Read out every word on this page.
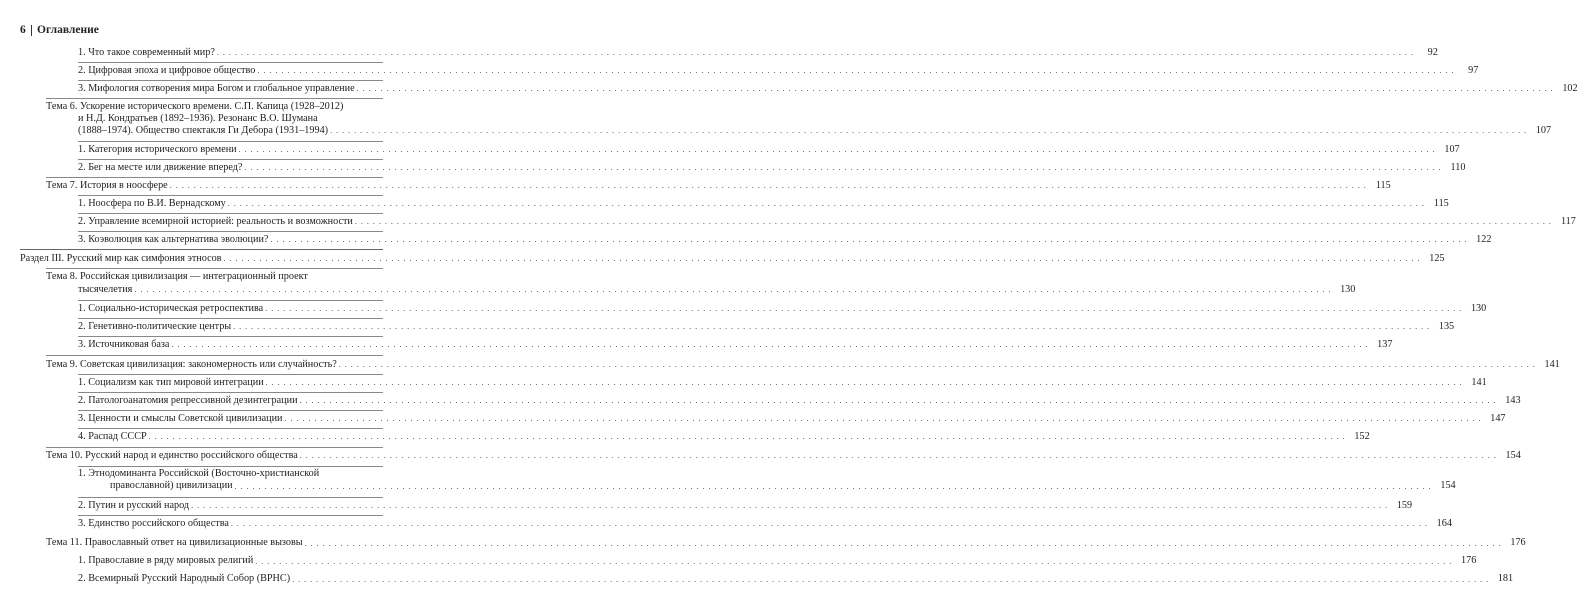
6 Оглавление
1. Что такое современный мир? . . . . . . . . . . . . . . . . . . . . . . . . . . . . . . . . . . . . . . . . . . . . . . . . . . . . . . . . . . . . . . . . . . . . . . . . . . . . . . . . . . . . . . . . . . . . . . . . . . . . . . . . . . . . . . . . . . . . . . . . . . . . . . . . . . . . . . . . . . . . . . . . . . . . . . . . . . . . . . . . . . . . . . . . . . . . . . . . . . . . . . . . . . . . . . . . . . . . . . . .	92
2. Цифровая эпоха и цифровое общество . . . . . . . . . . . . . . . . . . . . . . . . . . . . . . . . . . . . . . . . . . . . . . . . . . . . . . . . . . . . . . . . . . . . . . . . . . . . . . . . . . . . . . . . . . . . . . . . . . . . . . . . . . . . . . . . . . . . . . . . . . . . . . . . . . . . . . . . . . . . . . . . . . . . . . . . . . . . . . . . . . . . . . . . . . . . . . . . . . . . . . . . . . . . . . . . . . . . . . . .	97
3. Мифология сотворения мира Богом и глобальное управление . . . . . . . . . . . . . . . . . . . . . . . . . . . . . . . . . . . . . . . . . . . . . . . . . . . . . . . . . . . . . . . . . . . . . . . . . . . . . . . . . . . . . . . . . . . . . . . . . . . . . . . . . . . . . . . . . . . . . . . . . . . . . . . . . . . . . . . . . . . . . . . . . . . . . . . . . . . . . . . . . . . . . . . . . . . . . . . . . . . . . . . . . . . . . . . . . . . . . . . . 102
Тема 6. Ускорение исторического времени. С.П. Капица (1928–2012)
и Н.Д. Кондратьев (1892–1936). Резонанс В.О. Шумана
(1888–1974). Общество спектакля Ги Дебора (1931–1994) . . . . . . . . . . . . . . . . . . . . . . . . . . . . . . . . . . . . . . . . . . . . . . . . . . . . . . . . . . . . . . . . . . . . . . . . . . . . . . . . . . . . . . . . . . . . . . . . . . . . . . . . . . . . . . . . . . . . . . . . . . . . . . . . . . . . . . . . . . . . . . . . . . . . . . . . . . . . . . . . . . . . . . . . . . . . . . . . . . . . . . . . . . . . . . . . . . . . . . . . 107
1. Категория исторического времени . . . . . . . . . . . . . . . . . . . . . . . . . . . . . . . . . . . . . . . . . . . . . . . . . . . . . . . . . . . . . . . . . . . . . . . . . . . . . . . . . . . . . . . . . . . . . . . . . . . . . . . . . . . . . . . . . . . . . . . . . . . . . . . . . . . . . . . . . . . . . . . . . . . . . . . . . . . . . . . . . . . . . . . . . . . . . . . . . . . . . . . . . . . . . . . . . . . . . . . . 107
2. Бег на месте или движение вперед? . . . . . . . . . . . . . . . . . . . . . . . . . . . . . . . . . . . . . . . . . . . . . . . . . . . . . . . . . . . . . . . . . . . . . . . . . . . . . . . . . . . . . . . . . . . . . . . . . . . . . . . . . . . . . . . . . . . . . . . . . . . . . . . . . . . . . . . . . . . . . . . . . . . . . . . . . . . . . . . . . . . . . . . . . . . . . . . . . . . . . . . . . . . . . . . . . . . . . . . . 110
Тема 7. История в ноосфере . . . . . . . . . . . . . . . . . . . . . . . . . . . . . . . . . . . . . . . . . . . . . . . . . . . . . . . . . . . . . . . . . . . . . . . . . . . . . . . . . . . . . . . . . . . . . . . . . . . . . . . . . . . . . . . . . . . . . . . . . . . . . . . . . . . . . . . . . . . . . . . . . . . . . . . . . . . . . . . . . . . . . . . . . . . . . . . . . . . . . . . . . . . . . . . . . . . . . . . . 115
1. Ноосфера по В.И. Вернадскому . . . . . . . . . . . . . . . . . . . . . . . . . . . . . . . . . . . . . . . . . . . . . . . . . . . . . . . . . . . . . . . . . . . . . . . . . . . . . . . . . . . . . . . . . . . . . . . . . . . . . . . . . . . . . . . . . . . . . . . . . . . . . . . . . . . . . . . . . . . . . . . . . . . . . . . . . . . . . . . . . . . . . . . . . . . . . . . . . . . . . . . . . . . . . . . . . . . . . . . . 115
2. Управление всемирной историей: реальность и возможности . . . . . . . . . . . . . . . . . . . . . . . . . . . . . . . . . . . . . . . . . . . . . . . . . . . . . . . . . . . . . . . . . . . . . . . . . . . . . . . . . . . . . . . . . . . . . . . . . . . . . . . . . . . . . . . . . . . . . . . . . . . . . . . . . . . . . . . . . . . . . . . . . . . . . . . . . . . . . . . . . . . . . . . . . . . . . . . . . . . . . . . . . . . . . . . . . . . . . . . . 117
3. Коэволюция как альтернатива эволюции? . . . . . . . . . . . . . . . . . . . . . . . . . . . . . . . . . . . . . . . . . . . . . . . . . . . . . . . . . . . . . . . . . . . . . . . . . . . . . . . . . . . . . . . . . . . . . . . . . . . . . . . . . . . . . . . . . . . . . . . . . . . . . . . . . . . . . . . . . . . . . . . . . . . . . . . . . . . . . . . . . . . . . . . . . . . . . . . . . . . . . . . . . . . . . . . . . . . . . . . . 122
Раздел III. Русский мир как симфония этносов . . . . . . . . . . . . . . . . . . . . . . . . . . . . . . . . . . . . . . . . . . . . . . . . . . . . . . . . . . . . . . . . . . . . . . . . . . . . . . . . . . . . . . . . . . . . . . . . . . . . . . . . . . . . . . . . . . . . . . . . . . . . . . . . . . . . . . . . . . . . . . . . . . . . . . . . . . . . . . . . . . . . . . . . . . . . . . . . . . . . . . . . . . . . . . . . . . . . . . . . 125
Тема 8. Российская цивилизация — интеграционный проект
тысячелетия . . . . . . . . . . . . . . . . . . . . . . . . . . . . . . . . . . . . . . . . . . . . . . . . . . . . . . . . . . . . . . . . . . . . . . . . . . . . . . . . . . . . . . . . . . . . . . . . . . . . . . . . . . . . . . . . . . . . . . . . . . . . . . . . . . . . . . . . . . . . . . . . . . . . . . . . . . . . . . . . . . . . . . . . . . . . . . . . . . . . . . . . . . . . . . . . . . . . . . . . 130
1. Социально-историческая ретроспектива . . . . . . . . . . . . . . . . . . . . . . . . . . . . . . . . . . . . . . . . . . . . . . . . . . . . . . . . . . . . . . . . . . . . . . . . . . . . . . . . . . . . . . . . . . . . . . . . . . . . . . . . . . . . . . . . . . . . . . . . . . . . . . . . . . . . . . . . . . . . . . . . . . . . . . . . . . . . . . . . . . . . . . . . . . . . . . . . . . . . . . . . . . . . . . . . . . . . . . . . 130
2. Генетивно-политические центры . . . . . . . . . . . . . . . . . . . . . . . . . . . . . . . . . . . . . . . . . . . . . . . . . . . . . . . . . . . . . . . . . . . . . . . . . . . . . . . . . . . . . . . . . . . . . . . . . . . . . . . . . . . . . . . . . . . . . . . . . . . . . . . . . . . . . . . . . . . . . . . . . . . . . . . . . . . . . . . . . . . . . . . . . . . . . . . . . . . . . . . . . . . . . . . . . . . . . . . . 135
3. Источниковая база . . . . . . . . . . . . . . . . . . . . . . . . . . . . . . . . . . . . . . . . . . . . . . . . . . . . . . . . . . . . . . . . . . . . . . . . . . . . . . . . . . . . . . . . . . . . . . . . . . . . . . . . . . . . . . . . . . . . . . . . . . . . . . . . . . . . . . . . . . . . . . . . . . . . . . . . . . . . . . . . . . . . . . . . . . . . . . . . . . . . . . . . . . . . . . . . . . . . . . . . 137
Тема 9. Советская цивилизация: закономерность или случайность? . . . . . . . . . . . . . . . . . . . . . . . . . . . . . . . . . . . . . . . . . . . . . . . . . . . . . . . . . . . . . . . . . . . . . . . . . . . . . . . . . . . . . . . . . . . . . . . . . . . . . . . . . . . . . . . . . . . . . . . . . . . . . . . . . . . . . . . . . . . . . . . . . . . . . . . . . . . . . . . . . . . . . . . . . . . . . . . . . . . . . . . . . . . . . . . . . . . . . . . . 141
1. Социализм как тип мировой интеграции . . . . . . . . . . . . . . . . . . . . . . . . . . . . . . . . . . . . . . . . . . . . . . . . . . . . . . . . . . . . . . . . . . . . . . . . . . . . . . . . . . . . . . . . . . . . . . . . . . . . . . . . . . . . . . . . . . . . . . . . . . . . . . . . . . . . . . . . . . . . . . . . . . . . . . . . . . . . . . . . . . . . . . . . . . . . . . . . . . . . . . . . . . . . . . . . . . . . . . . . 141
2. Патологоанатомия репрессивной дезинтеграции . . . . . . . . . . . . . . . . . . . . . . . . . . . . . . . . . . . . . . . . . . . . . . . . . . . . . . . . . . . . . . . . . . . . . . . . . . . . . . . . . . . . . . . . . . . . . . . . . . . . . . . . . . . . . . . . . . . . . . . . . . . . . . . . . . . . . . . . . . . . . . . . . . . . . . . . . . . . . . . . . . . . . . . . . . . . . . . . . . . . . . . . . . . . . . . . . . . . . . . . 143
3. Ценности и смыслы Советской цивилизации . . . . . . . . . . . . . . . . . . . . . . . . . . . . . . . . . . . . . . . . . . . . . . . . . . . . . . . . . . . . . . . . . . . . . . . . . . . . . . . . . . . . . . . . . . . . . . . . . . . . . . . . . . . . . . . . . . . . . . . . . . . . . . . . . . . . . . . . . . . . . . . . . . . . . . . . . . . . . . . . . . . . . . . . . . . . . . . . . . . . . . . . . . . . . . . . . . . . . . . . 147
4. Распад СССР . . . . . . . . . . . . . . . . . . . . . . . . . . . . . . . . . . . . . . . . . . . . . . . . . . . . . . . . . . . . . . . . . . . . . . . . . . . . . . . . . . . . . . . . . . . . . . . . . . . . . . . . . . . . . . . . . . . . . . . . . . . . . . . . . . . . . . . . . . . . . . . . . . . . . . . . . . . . . . . . . . . . . . . . . . . . . . . . . . . . . . . . . . . . . . . . . . . . . . . . 152
Тема 10. Русский народ и единство российского общества . . . . . . . . . . . . . . . . . . . . . . . . . . . . . . . . . . . . . . . . . . . . . . . . . . . . . . . . . . . . . . . . . . . . . . . . . . . . . . . . . . . . . . . . . . . . . . . . . . . . . . . . . . . . . . . . . . . . . . . . . . . . . . . . . . . . . . . . . . . . . . . . . . . . . . . . . . . . . . . . . . . . . . . . . . . . . . . . . . . . . . . . . . . . . . . . . . . . . . . . 154
1. Этнодоминанта Российской (Восточно-христианской
православной) цивилизации . . . . . . . . . . . . . . . . . . . . . . . . . . . . . . . . . . . . . . . . . . . . . . . . . . . . . . . . . . . . . . . . . . . . . . . . . . . . . . . . . . . . . . . . . . . . . . . . . . . . . . . . . . . . . . . . . . . . . . . . . . . . . . . . . . . . . . . . . . . . . . . . . . . . . . . . . . . . . . . . . . . . . . . . . . . . . . . . . . . . . . . . . . . . . . . . . . . . . . . . 154
2. Путин и русский народ . . . . . . . . . . . . . . . . . . . . . . . . . . . . . . . . . . . . . . . . . . . . . . . . . . . . . . . . . . . . . . . . . . . . . . . . . . . . . . . . . . . . . . . . . . . . . . . . . . . . . . . . . . . . . . . . . . . . . . . . . . . . . . . . . . . . . . . . . . . . . . . . . . . . . . . . . . . . . . . . . . . . . . . . . . . . . . . . . . . . . . . . . . . . . . . . . . . . . . . . 159
3. Единство российского общества . . . . . . . . . . . . . . . . . . . . . . . . . . . . . . . . . . . . . . . . . . . . . . . . . . . . . . . . . . . . . . . . . . . . . . . . . . . . . . . . . . . . . . . . . . . . . . . . . . . . . . . . . . . . . . . . . . . . . . . . . . . . . . . . . . . . . . . . . . . . . . . . . . . . . . . . . . . . . . . . . . . . . . . . . . . . . . . . . . . . . . . . . . . . . . . . . . . . . . . . 164
Тема 11. Православный ответ на цивилизационные вызовы . . . . . . . . . . . . . . . . . . . . . . . . . . . . . . . . . . . . . . . . . . . . . . . . . . . . . . . . . . . . . . . . . . . . . . . . . . . . . . . . . . . . . . . . . . . . . . . . . . . . . . . . . . . . . . . . . . . . . . . . . . . . . . . . . . . . . . . . . . . . . . . . . . . . . . . . . . . . . . . . . . . . . . . . . . . . . . . . . . . . . . . . . . . . . . . . . . . . . . . . 176
1. Православие в ряду мировых религий . . . . . . . . . . . . . . . . . . . . . . . . . . . . . . . . . . . . . . . . . . . . . . . . . . . . . . . . . . . . . . . . . . . . . . . . . . . . . . . . . . . . . . . . . . . . . . . . . . . . . . . . . . . . . . . . . . . . . . . . . . . . . . . . . . . . . . . . . . . . . . . . . . . . . . . . . . . . . . . . . . . . . . . . . . . . . . . . . . . . . . . . . . . . . . . . . . . . . . . . 176
2. Всемирный Русский Народный Собор (ВРНС) . . . . . . . . . . . . . . . . . . . . . . . . . . . . . . . . . . . . . . . . . . . . . . . . . . . . . . . . . . . . . . . . . . . . . . . . . . . . . . . . . . . . . . . . . . . . . . . . . . . . . . . . . . . . . . . . . . . . . . . . . . . . . . . . . . . . . . . . . . . . . . . . . . . . . . . . . . . . . . . . . . . . . . . . . . . . . . . . . . . . . . . . . . . . . . . . . . . . . . . . 181
